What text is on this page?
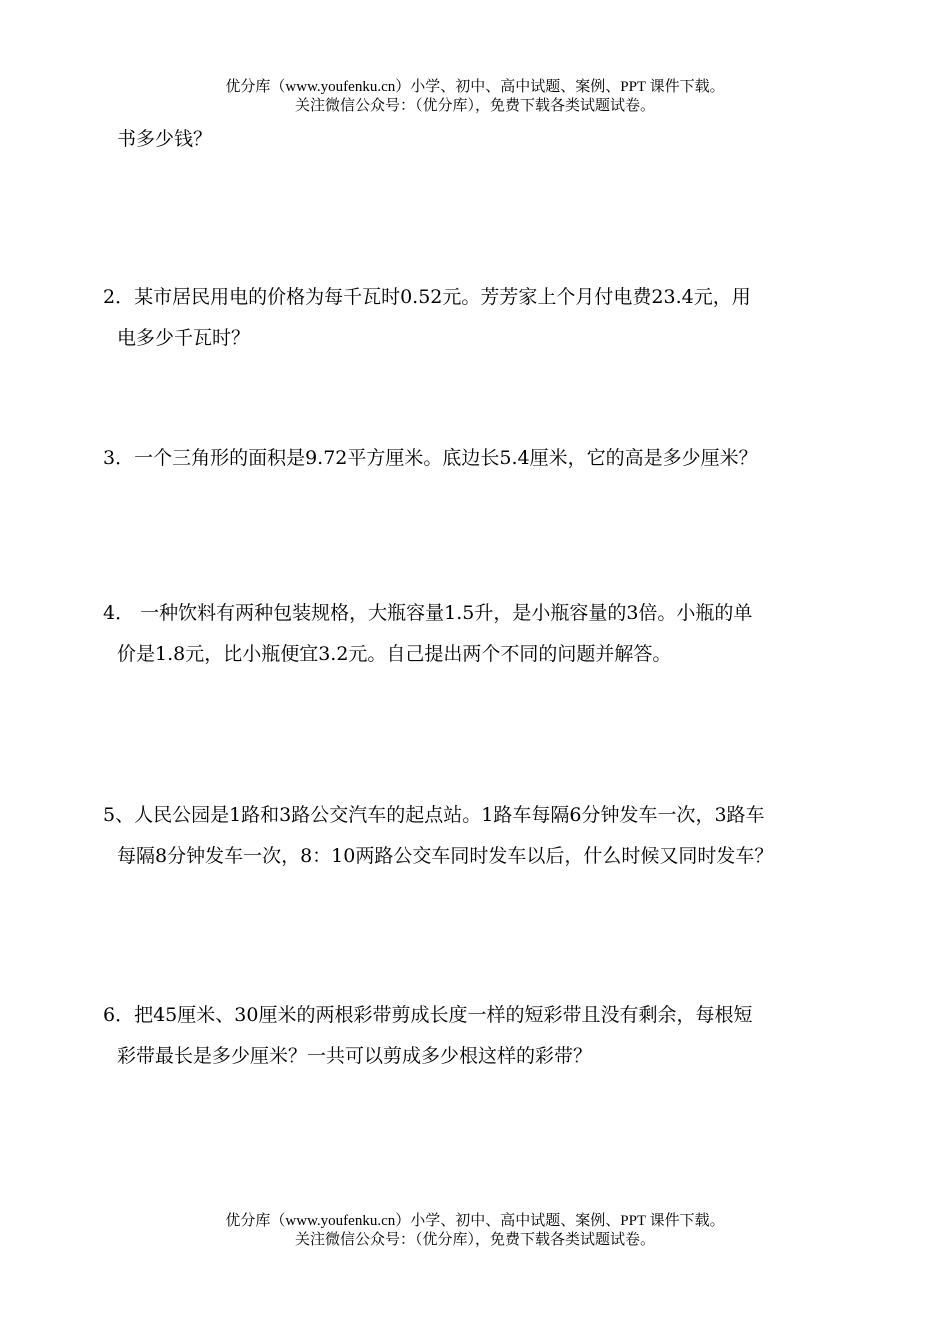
优分库（www.youfenku.cn）小学、初中、高中试题、案例、PPT 课件下载。
关注微信公众号：（优分库），免费下载各类试题试卷。
书多少钱？
2．某市居民用电的价格为每千瓦时0.52元。芳芳家上个月付电费23.4元，用
电多少千瓦时？
3．一个三角形的面积是9.72平方厘米。底边长5.4厘米，它的高是多少厘米？
4． 一种饮料有两种包装规格，大瓶容量1.5升，是小瓶容量的3倍。小瓶的单
价是1.8元，比小瓶便宜3.2元。自己提出两个不同的问题并解答。
5、人民公园是1路和3路公交汽车的起点站。1路车每隔6分钟发车一次，3路车
每隔8分钟发车一次，8：10两路公交车同时发车以后，什么时候又同时发车？
6．把45厘米、30厘米的两根彩带剪成长度一样的短彩带且没有剩余，每根短
彩带最长是多少厘米？一共可以剪成多少根这样的彩带？
优分库（www.youfenku.cn）小学、初中、高中试题、案例、PPT 课件下载。
关注微信公众号：（优分库），免费下载各类试题试卷。
